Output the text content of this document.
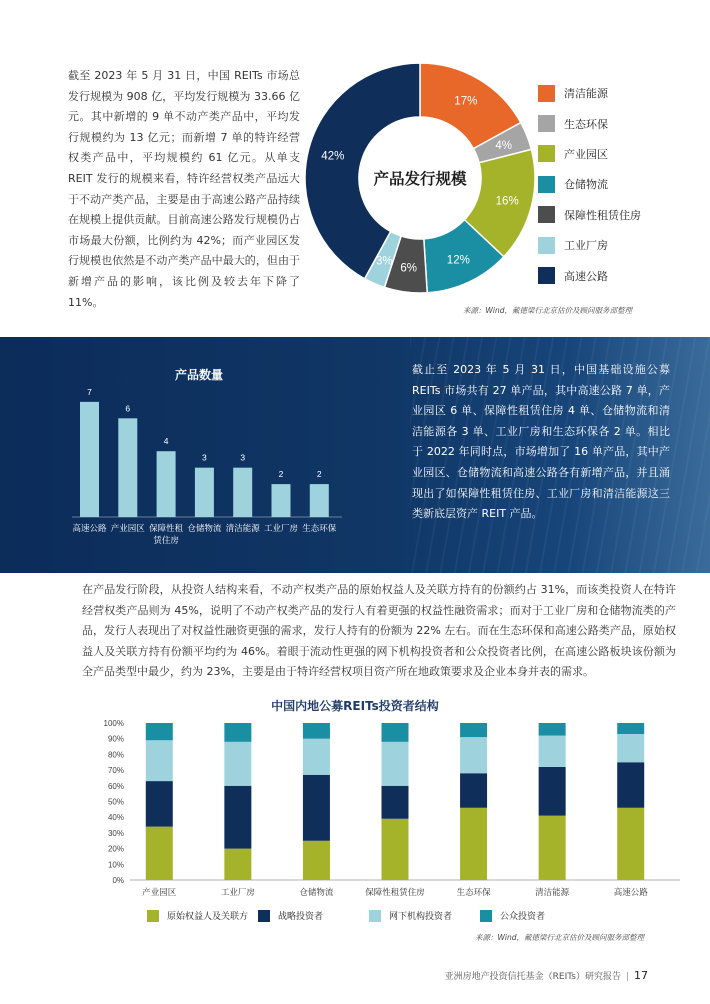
截至 2023 年 5 月 31 日，中国 REITs 市场总发行规模为 908 亿，平均发行规模为 33.66 亿元。其中新增的 9 单不动产类产品中，平均发行规模约为 13 亿元；而新增 7 单的特许经营权类产品中，平均规模约 61 亿元。从单支 REIT 发行的规模来看，特许经营权类产品远大于不动产类产品，主要是由于高速公路产品持续在规模上提供贡献。目前高速公路发行规模仍占市场最大份额，比例约为 42%；而产业园区发行规模也依然是不动产类产品中最大的，但由于新增产品的影响，该比例及较去年下降了 11%。
17%
4%
16%
12%
6%
3%
42%
产品发行规模
清洁能源
生态环保
产业园区
仓储物流
保障性租赁住房
工业厂房
高速公路
来源：Wind，戴德梁行北京估价及顾问服务部整理
产品数量
7
高速公路
6
产业园区
4
保障性租
赁住房
3
仓储物流
3
清洁能源
2
工业厂房
2
生态环保
截止至 2023 年 5 月 31 日，中国基础设施公募 REITs 市场共有 27 单产品，其中高速公路 7 单，产业园区 6 单、保障性租赁住房 4 单、仓储物流和清洁能源各 3 单、工业厂房和生态环保各 2 单。相比于 2022 年同时点，市场增加了 16 单产品，其中产业园区、仓储物流和高速公路各有新增产品，并且涌现出了如保障性租赁住房、工业厂房和清洁能源这三类新底层资产 REIT 产品。
在产品发行阶段，从投资人结构来看，不动产权类产品的原始权益人及关联方持有的份额约占 31%，而该类投资人在特许经营权类产品则为 45%，说明了不动产权类产品的发行人有着更强的权益性融资需求；而对于工业厂房和仓储物流类的产品，发行人表现出了对权益性融资更强的需求，发行人持有的份额为 22% 左右。而在生态环保和高速公路类产品，原始权益人及关联方持有份额平均约为 46%。着眼于流动性更强的网下机构投资者和公众投资者比例，在高速公路板块该份额为全产品类型中最少，约为 23%，主要是由于特许经营权项目资产所在地政策要求及企业本身并表的需求。
中国内地公募REITs投资者结构
0%
10%
20%
30%
40%
50%
60%
70%
80%
90%
100%
产业园区	工业厂房	仓储物流	保障性租赁住房	生态环保	清洁能源	高速公路
原始权益人及关联方	战略投资者	网下机构投资者	公众投资者
来源：Wind，戴德梁行北京估价及顾问服务部整理
亚洲房地产投资信托基金（REITs）研究报告 | 17
